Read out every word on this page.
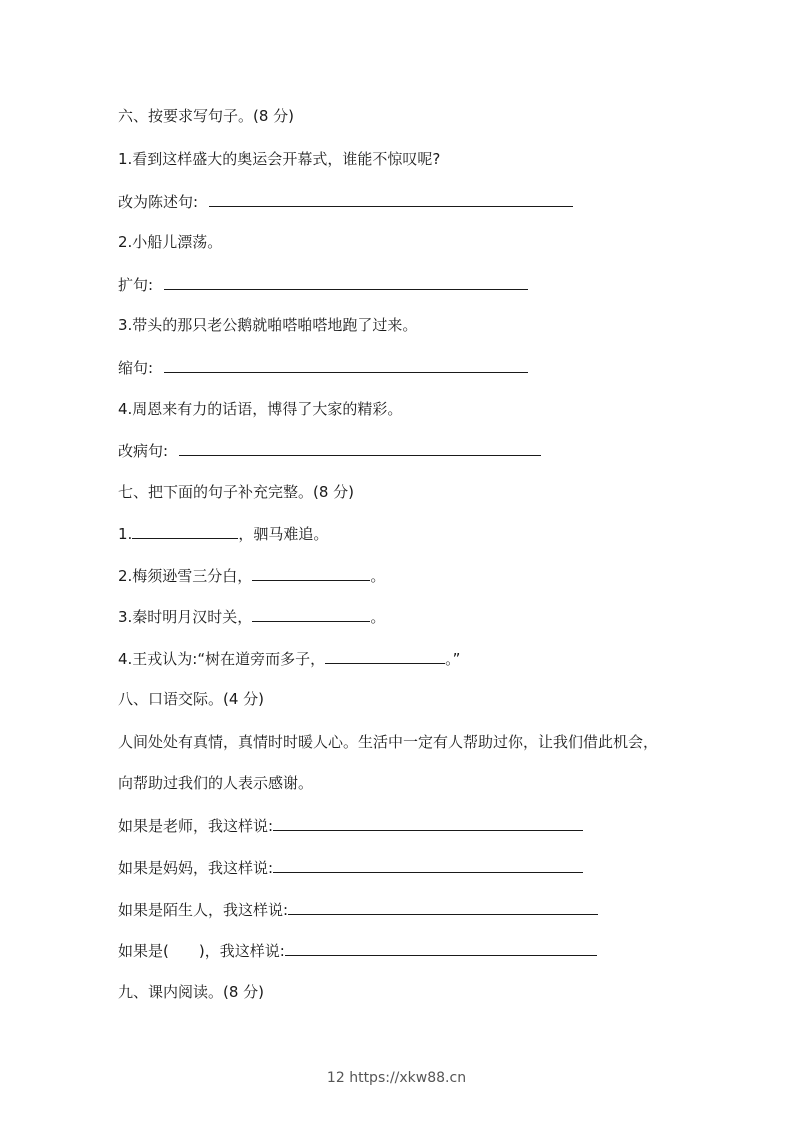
六、按要求写句子。(8 分)
1.看到这样盛大的奥运会开幕式，谁能不惊叹呢?
改为陈述句:
2.小船儿漂荡。
扩句:
3.带头的那只老公鹅就啪嗒啪嗒地跑了过来。
缩句:
4.周恩来有力的话语，博得了大家的精彩。
改病句:
七、把下面的句子补充完整。(8 分)
1.	，驷马难追。
2.梅须逊雪三分白，	。
3.秦时明月汉时关，	。
4.王戎认为:“树在道旁而多子，	。”
八、口语交际。(4 分)
人间处处有真情，真情时时暖人心。生活中一定有人帮助过你，让我们借此机会，
向帮助过我们的人表示感谢。
如果是老师，我这样说:
如果是妈妈，我这样说:
如果是陌生人，我这样说:
如果是(　　)，我这样说:
九、课内阅读。(8 分)
12 https://xkw88.cn
